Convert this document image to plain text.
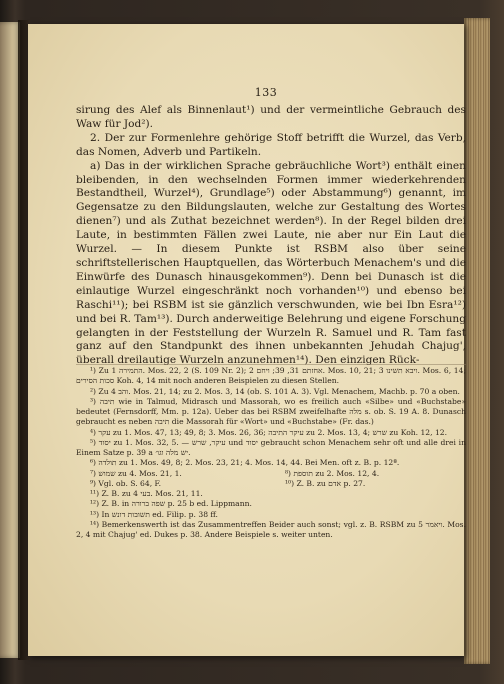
133

sirung des Alef als Binnenlaut¹) und der vermeintliche Gebrauch des Waw für Jod²).

2. Der zur Formenlehre gehörige Stoff betrifft die Wurzel, das Verb, das Nomen, Adverb und Partikeln.

a) Das in der wirklichen Sprache gebräuchliche Wort³) enthält einen bleibenden, in den wechselnden Formen immer wiederkehrenden Bestandtheil, Wurzel⁴), Grundlage⁵) oder Abstammung⁶) genannt, im Gegensatze zu den Bildungslauten, welche zur Gestaltung des Wortes dienen⁷) und als Zuthat bezeichnet werden⁸). In der Regel bilden drei Laute, in bestimmten Fällen zwei Laute, nie aber nur Ein Laut die Wurzel. — In diesem Punkte ist RSBM also über seine schriftstellerischen Hauptquellen, das Wörterbuch Menachem's und die Einwürfe des Dunasch hinausgekommen⁹). Denn bei Dunasch ist die einlautige Wurzel eingeschränkt noch vorhanden¹⁰) und ebenso bei Raschi¹¹); bei RSBM ist sie gänzlich verschwunden, wie bei Ibn Esra¹²) und bei R. Tam¹³). Durch anderweitige Belehrung und eigene Forschung gelangten in der Feststellung der Wurzeln R. Samuel und R. Tam fast ganz auf den Standpunkt des ihnen unbekannten Jehudah Chajug', überall dreilautige Wurzeln anzunehmen¹⁴). Den einzigen Rück-

¹) Zu התמירה 1. Mos. 22, 2 (S. 109 Nr. 2); אחזתם 31, 39; ויחם 2. Mos. 10, 21; ויבא תשינו 3. Mos. 6, 14; סכות הסירים Koh. 4, 14 mit noch anderen Beispielen zu diesen Stellen.

²) Zu והב 4. Mos. 21, 14; zu 2. Mos. 3, 14 (ob. S. 101 A. 3). Vgl. Menachem, Machb. p. 70 a oben.

³) תיבה wie in Talmud, Midrasch und Massorah, wo es freilich auch «Silbe» und «Buchstabe» bedeutet (Fernsdorff, Mm. p. 12a). Ueber das bei RSBM zweifelhafte מלה s. ob. S. 19 A. 8. Dunasch gebraucht es neben תיבה die Massorah für «Wort» und «Buchstabe» (Fr. das.)

⁴) עקר zu 1. Mos. 47, 13; 49, 8; 3. Mos. 26, 36; עיקר התיבה zu 2. Mos. 13, 4; שרש zu Koh. 12, 12.

⁵) יסוד zu 1. Mos. 32, 5. — עיקר, שרש und יסוד gebraucht schon Menachem sehr oft und alle drei in Einem Satze p. 39 a יש מלה וגו׳.

⁶) תולדה zu 1. Mos. 49, 8; 2. Mos. 23, 21; 4. Mos. 14, 44. Bei Men. oft z. B. p. 12ª.

⁷) שמוש zu 4. Mos. 21, 1.	⁸) תוספת zu 2. Mos. 12, 4.

⁹) Vgl. ob. S. 64, F.	¹⁰) Z. B. zu אדם p. 27.

¹¹) Z. B. zu בעי 4. Mos. 21, 11.

¹²) Z. B. in שפה ברורה p. 25 b ed. Lippmann.

¹³) In תשובות דונש ed. Filip. p. 38 ff.

¹⁴) Bemerkenswerth ist das Zusammentreffen Beider auch sonst; vgl. z. B. RSBM zu ויאמר 5. Mos. 2, 4 mit Chajug' ed. Dukes p. 38. Andere Beispiele s. weiter unten.
